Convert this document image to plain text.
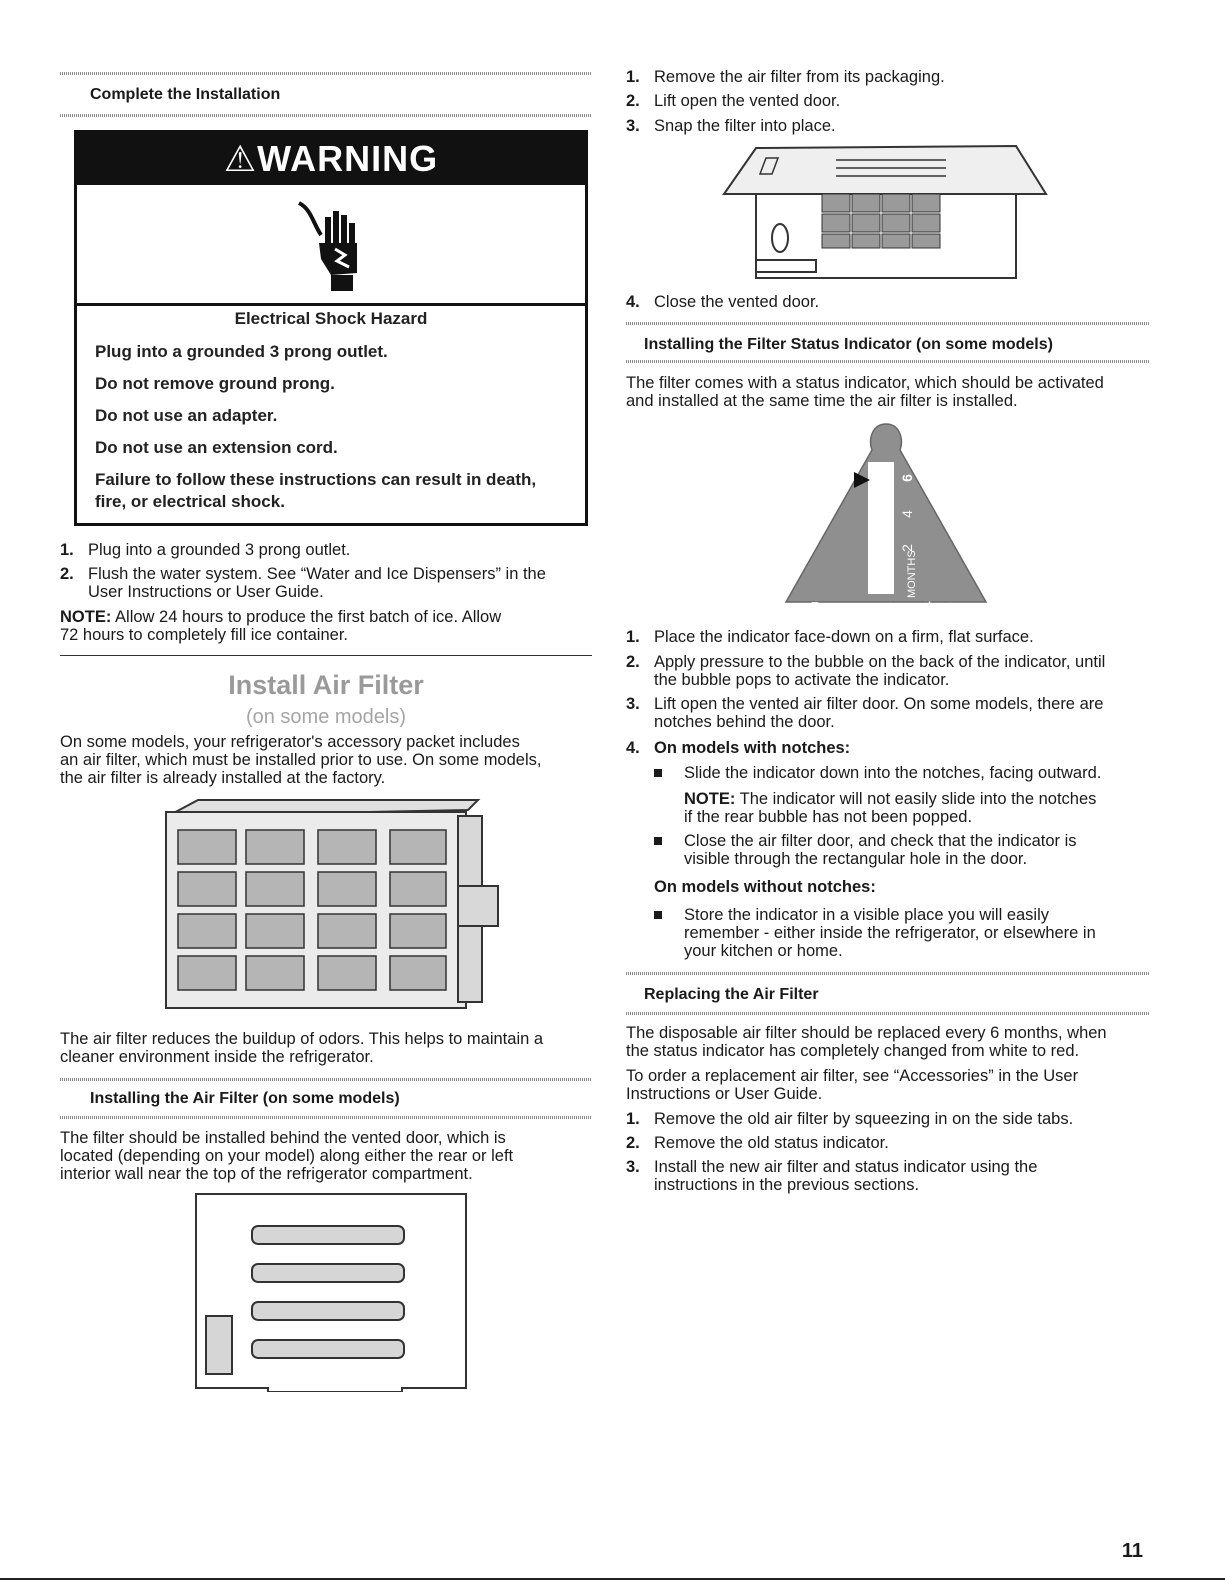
Complete the Installation
⚠WARNING
Electrical Shock Hazard
Plug into a grounded 3 prong outlet.
Do not remove ground prong.
Do not use an adapter.
Do not use an extension cord.
Failure to follow these instructions can result in death,
fire, or electrical shock.
1. Plug into a grounded 3 prong outlet.
2. Flush the water system. See “Water and Ice Dispensers” in the
User Instructions or User Guide.
NOTE: Allow 24 hours to produce the first batch of ice. Allow
72 hours to completely fill ice container.
Install Air Filter
(on some models)
On some models, your refrigerator's accessory packet includes
an air filter, which must be installed prior to use. On some models,
the air filter is already installed at the factory.
The air filter reduces the buildup of odors. This helps to maintain a
cleaner environment inside the refrigerator.
Installing the Air Filter (on some models)
The filter should be installed behind the vented door, which is
located (depending on your model) along either the rear or left
interior wall near the top of the refrigerator compartment.
1. Remove the air filter from its packaging.
2. Lift open the vented door.
3. Snap the filter into place.
4. Close the vented door.
Installing the Filter Status Indicator (on some models)
The filter comes with a status indicator, which should be activated
and installed at the same time the air filter is installed.
REPLACE
MONTHS
6
4
2
Press rear to activate
1. Place the indicator face-down on a firm, flat surface.
2. Apply pressure to the bubble on the back of the indicator, until
the bubble pops to activate the indicator.
3. Lift open the vented air filter door. On some models, there are
notches behind the door.
4. On models with notches:
Slide the indicator down into the notches, facing outward.
NOTE: The indicator will not easily slide into the notches
if the rear bubble has not been popped.
Close the air filter door, and check that the indicator is
visible through the rectangular hole in the door.
On models without notches:
Store the indicator in a visible place you will easily
remember - either inside the refrigerator, or elsewhere in
your kitchen or home.
Replacing the Air Filter
The disposable air filter should be replaced every 6 months, when
the status indicator has completely changed from white to red.
To order a replacement air filter, see “Accessories” in the User
Instructions or User Guide.
1. Remove the old air filter by squeezing in on the side tabs.
2. Remove the old status indicator.
3. Install the new air filter and status indicator using the
instructions in the previous sections.
11
